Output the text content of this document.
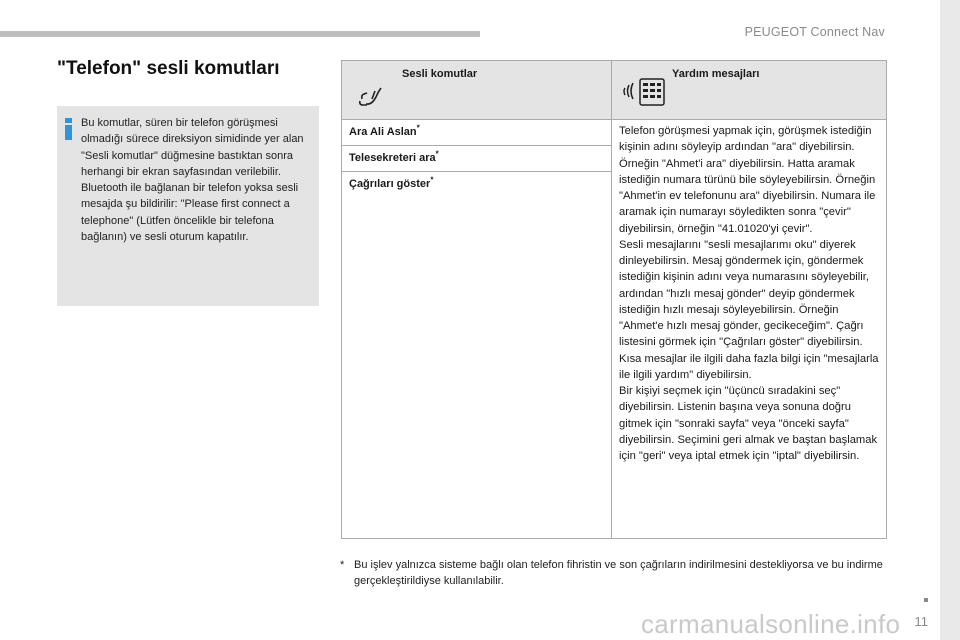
PEUGEOT Connect Nav
"Telefon" sesli komutları

Bu komutlar, süren bir telefon görüşmesi olmadığı sürece direksiyon simidinde yer alan "Sesli komutlar" düğmesine bastıktan sonra herhangi bir ekran sayfasından verilebilir.

Bluetooth ile bağlanan bir telefon yoksa sesli mesajda şu bildirilir: "Please first connect a telephone" (Lütfen öncelikle bir telefona bağlanın) ve sesli oturum kapatılır.

Sesli komutlar	Yardım mesajları

Ara Ali Aslan*	Telefon görüşmesi yapmak için, görüşmek istediğin kişinin adını söyleyip ardından "ara" diyebilirsin. Örneğin "Ahmet'i ara" diyebilirsin. Hatta aramak istediğin numara türünü bile söyleyebilirsin. Örneğin "Ahmet'in ev telefonunu ara" diyebilirsin. Numara ile aramak için numarayı söyledikten sonra "çevir" diyebilirsin, örneğin "41.01020'yi çevir".

Sesli mesajlarını "sesli mesajlarımı oku" diyerek dinleyebilirsin. Mesaj göndermek için, göndermek istediğin kişinin adını veya numarasını söyleyebilir, ardından "hızlı mesaj gönder" deyip göndermek istediğin hızlı mesajı söyleyebilirsin. Örneğin "Ahmet'e hızlı mesaj gönder, gecikeceğim". Çağrı listesini görmek için "Çağrıları göster" diyebilirsin.

Kısa mesajlar ile ilgili daha fazla bilgi için "mesajlarla ile ilgili yardım" diyebilirsin.

Bir kişiyi seçmek için "üçüncü sıradakini seç" diyebilirsin. Listenin başına veya sonuna doğru gitmek için "sonraki sayfa" veya "önceki sayfa" diyebilirsin. Seçimini geri almak ve baştan başlamak için "geri" veya iptal etmek için "iptal" diyebilirsin.

Telesekreteri ara*
Çağrıları göster*
* Bu işlev yalnızca sisteme bağlı olan telefon fihristin ve son çağrıların indirilmesini destekliyorsa ve bu indirme gerçekleştirildiyse kullanılabilir.
carmanualsonline.info 11
